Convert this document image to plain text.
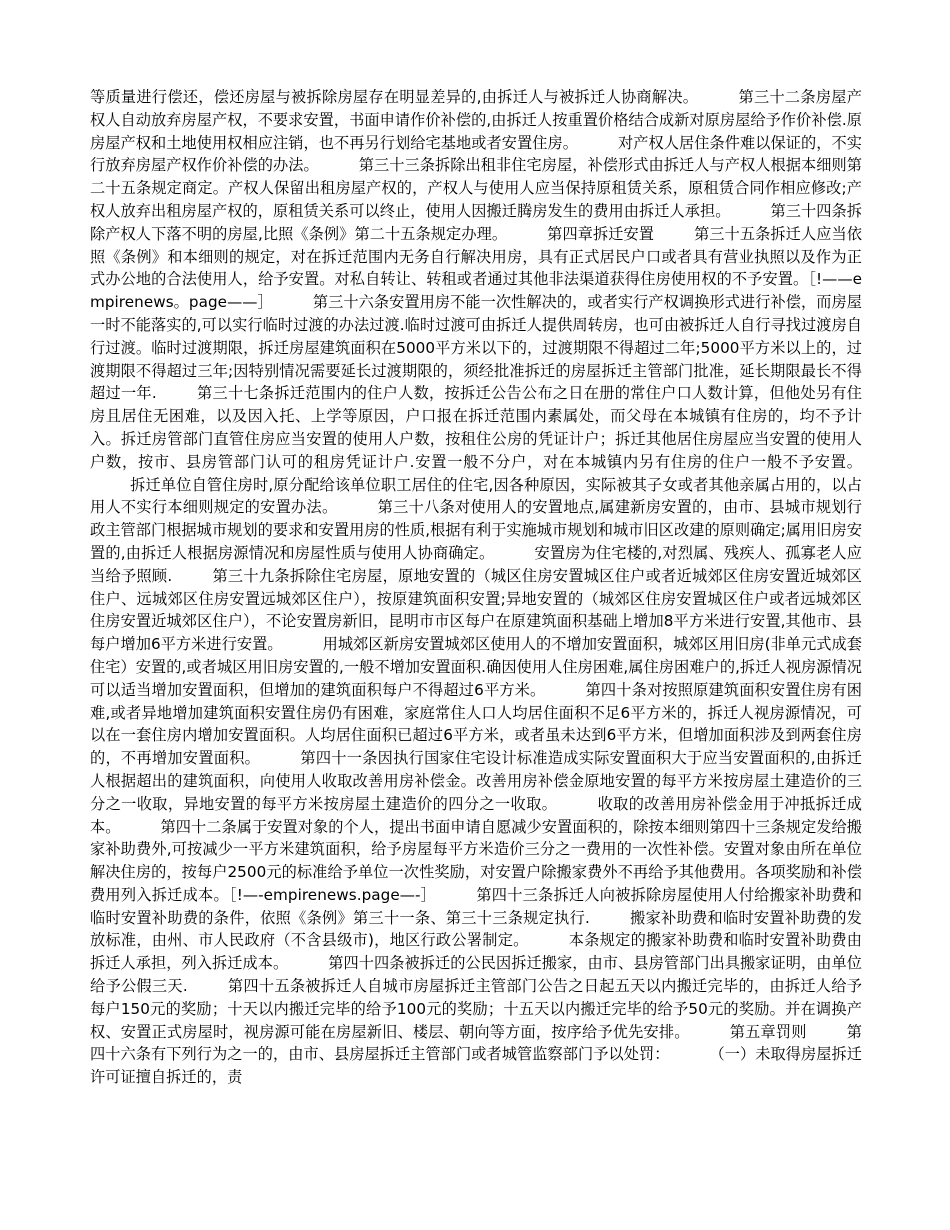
等质量进行偿还，偿还房屋与被拆除房屋存在明显差异的,由拆迁人与被拆迁人协商解决。	第三十二条房屋产权人自动放弃房屋产权，不要求安置，书面申请作价补偿的,由拆迁人按重置价格结合成新对原房屋给予作价补偿.原房屋产权和土地使用权相应注销，也不再另行划给宅基地或者安置住房。	对产权人居住条件难以保证的，不实行放弃房屋产权作价补偿的办法。	第三十三条拆除出租非住宅房屋，补偿形式由拆迁人与产权人根据本细则第二十五条规定商定。产权人保留出租房屋产权的，产权人与使用人应当保持原租赁关系，原租赁合同作相应修改;产权人放弃出租房屋产权的，原租赁关系可以终止，使用人因搬迁腾房发生的费用由拆迁人承担。	第三十四条拆除产权人下落不明的房屋,比照《条例》第二十五条规定办理。	第四章拆迁安置	第三十五条拆迁人应当依照《条例》和本细则的规定，对在拆迁范围内无务自行解决用房，具有正式居民户口或者具有营业执照以及作为正式办公地的合法使用人，给予安置。对私自转让、转租或者通过其他非法渠道获得住房使用权的不予安置。［!——empirenews。page——］	第三十六条安置用房不能一次性解决的，或者实行产权调换形式进行补偿，而房屋一时不能落实的,可以实行临时过渡的办法过渡.临时过渡可由拆迁人提供周转房，也可由被拆迁人自行寻找过渡房自行过渡。临时过渡期限，拆迁房屋建筑面积在5000平方米以下的，过渡期限不得超过二年;5000平方米以上的，过渡期限不得超过三年;因特别情况需要延长过渡期限的，须经批准拆迁的房屋拆迁主管部门批准，延长期限最长不得超过一年.	第三十七条拆迁范围内的住户人数，按拆迁公告公布之日在册的常住户口人数计算，但他处另有住房且居住无困难，以及因入托、上学等原因，户口报在拆迁范围内素属处，而父母在本城镇有住房的，均不予计入。拆迁房管部门直管住房应当安置的使用人户数，按租住公房的凭证计户；拆迁其他居住房屋应当安置的使用人户数，按市、县房管部门认可的租房凭证计户.安置一般不分户，对在本城镇内另有住房的住户一般不予安置。拆迁单位自管住房时,原分配给该单位职工居住的住宅,因各种原因，实际被其子女或者其他亲属占用的，以占用人不实行本细则规定的安置办法。	第三十八条对使用人的安置地点,属建新房安置的，由市、县城市规划行政主管部门根据城市规划的要求和安置用房的性质,根据有利于实施城市规划和城市旧区改建的原则确定;属用旧房安置的,由拆迁人根据房源情况和房屋性质与使用人协商确定。	安置房为住宅楼的,对烈属、残疾人、孤寡老人应当给予照顾.	第三十九条拆除住宅房屋，原地安置的（城区住房安置城区住户或者近城郊区住房安置近城郊区住户、远城郊区住房安置远城郊区住户），按原建筑面积安置;异地安置的（城郊区住房安置城区住户或者远城郊区住房安置近城郊区住户），不论安置房新旧，昆明市市区每户在原建筑面积基础上增加8平方米进行安置,其他市、县每户增加6平方米进行安置。	用城郊区新房安置城郊区使用人的不增加安置面积，城郊区用旧房(非单元式成套住宅）安置的,或者城区用旧房安置的,一般不增加安置面积.确因使用人住房困难,属住房困难户的,拆迁人视房源情况可以适当增加安置面积，但增加的建筑面积每户不得超过6平方米。	第四十条对按照原建筑面积安置住房有困难,或者异地增加建筑面积安置住房仍有困难，家庭常住人口人均居住面积不足6平方米的，拆迁人视房源情况，可以在一套住房内增加安置面积。人均居住面积已超过6平方米，或者虽未达到6平方米，但增加面积涉及到两套住房的，不再增加安置面积。	第四十一条因执行国家住宅设计标准造成实际安置面积大于应当安置面积的,由拆迁人根据超出的建筑面积，向使用人收取改善用房补偿金。改善用房补偿金原地安置的每平方米按房屋土建造价的三分之一收取，异地安置的每平方米按房屋土建造价的四分之一收取。	收取的改善用房补偿金用于冲抵拆迁成本。	第四十二条属于安置对象的个人，提出书面申请自愿减少安置面积的，除按本细则第四十三条规定发给搬家补助费外,可按减少一平方米建筑面积，给予房屋每平方米造价三分之一费用的一次性补偿。安置对象由所在单位解决住房的，按每户2500元的标准给予单位一次性奖励，对安置户除搬家费外不再给予其他费用。各项奖励和补偿费用列入拆迁成本。［!—-empirenews.page—-］	第四十三条拆迁人向被拆除房屋使用人付给搬家补助费和临时安置补助费的条件，依照《条例》第三十一条、第三十三条规定执行.	搬家补助费和临时安置补助费的发放标准，由州、市人民政府（不含县级市)，地区行政公署制定。	本条规定的搬家补助费和临时安置补助费由拆迁人承担，列入拆迁成本。	第四十四条被拆迁的公民因拆迁搬家，由市、县房管部门出具搬家证明，由单位给予公假三天.	第四十五条被拆迁人自城市房屋拆迁主管部门公告之日起五天以内搬迁完毕的，由拆迁人给予每户150元的奖励；十天以内搬迁完毕的给予100元的奖励；十五天以内搬迁完毕的给予50元的奖励。并在调换产权、安置正式房屋时，视房源可能在房屋新旧、楼层、朝向等方面，按序给予优先安排。	第五章罚则	第四十六条有下列行为之一的，由市、县房屋拆迁主管部门或者城管监察部门予以处罚：	（一）未取得房屋拆迁许可证擅自拆迁的，责
